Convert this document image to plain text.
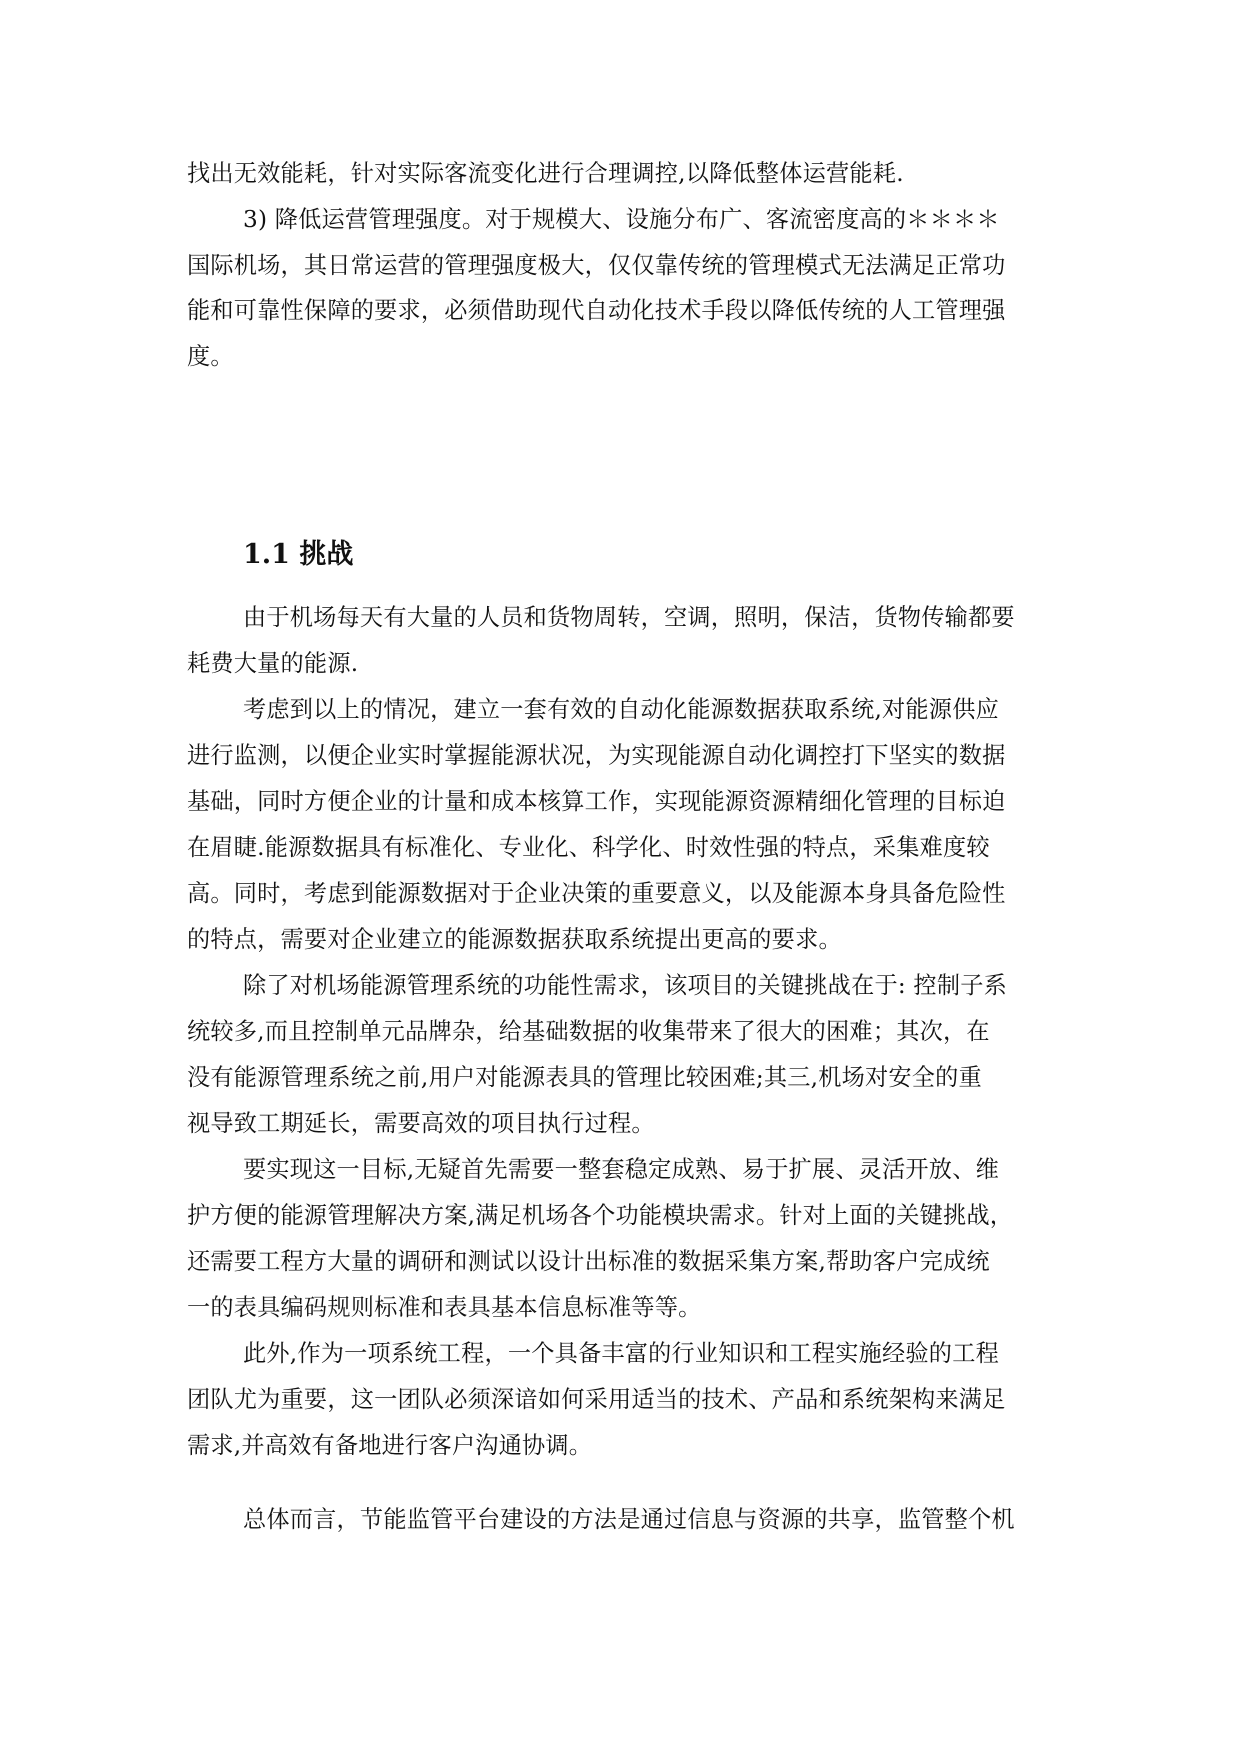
找出无效能耗，针对实际客流变化进行合理调控,以降低整体运营能耗.
3) 降低运营管理强度。对于规模大、设施分布广、客流密度高的＊＊＊＊
国际机场，其日常运营的管理强度极大，仅仅靠传统的管理模式无法满足正常功
能和可靠性保障的要求，必须借助现代自动化技术手段以降低传统的人工管理强
度。
1.1 挑战
由于机场每天有大量的人员和货物周转，空调，照明，保洁，货物传输都要
耗费大量的能源.
考虑到以上的情况，建立一套有效的自动化能源数据获取系统,对能源供应
进行监测，以便企业实时掌握能源状况，为实现能源自动化调控打下坚实的数据
基础，同时方便企业的计量和成本核算工作，实现能源资源精细化管理的目标迫
在眉睫.能源数据具有标准化、专业化、科学化、时效性强的特点，采集难度较
高。同时，考虑到能源数据对于企业决策的重要意义，以及能源本身具备危险性
的特点，需要对企业建立的能源数据获取系统提出更高的要求。
除了对机场能源管理系统的功能性需求，该项目的关键挑战在于: 控制子系
统较多,而且控制单元品牌杂，给基础数据的收集带来了很大的困难；其次，在
没有能源管理系统之前,用户对能源表具的管理比较困难;其三,机场对安全的重
视导致工期延长，需要高效的项目执行过程。
要实现这一目标,无疑首先需要一整套稳定成熟、易于扩展、灵活开放、维
护方便的能源管理解决方案,满足机场各个功能模块需求。针对上面的关键挑战，
还需要工程方大量的调研和测试以设计出标准的数据采集方案,帮助客户完成统
一的表具编码规则标准和表具基本信息标准等等。
此外,作为一项系统工程，一个具备丰富的行业知识和工程实施经验的工程
团队尤为重要，这一团队必须深谙如何采用适当的技术、产品和系统架构来满足
需求,并高效有备地进行客户沟通协调。
总体而言，节能监管平台建设的方法是通过信息与资源的共享，监管整个机
